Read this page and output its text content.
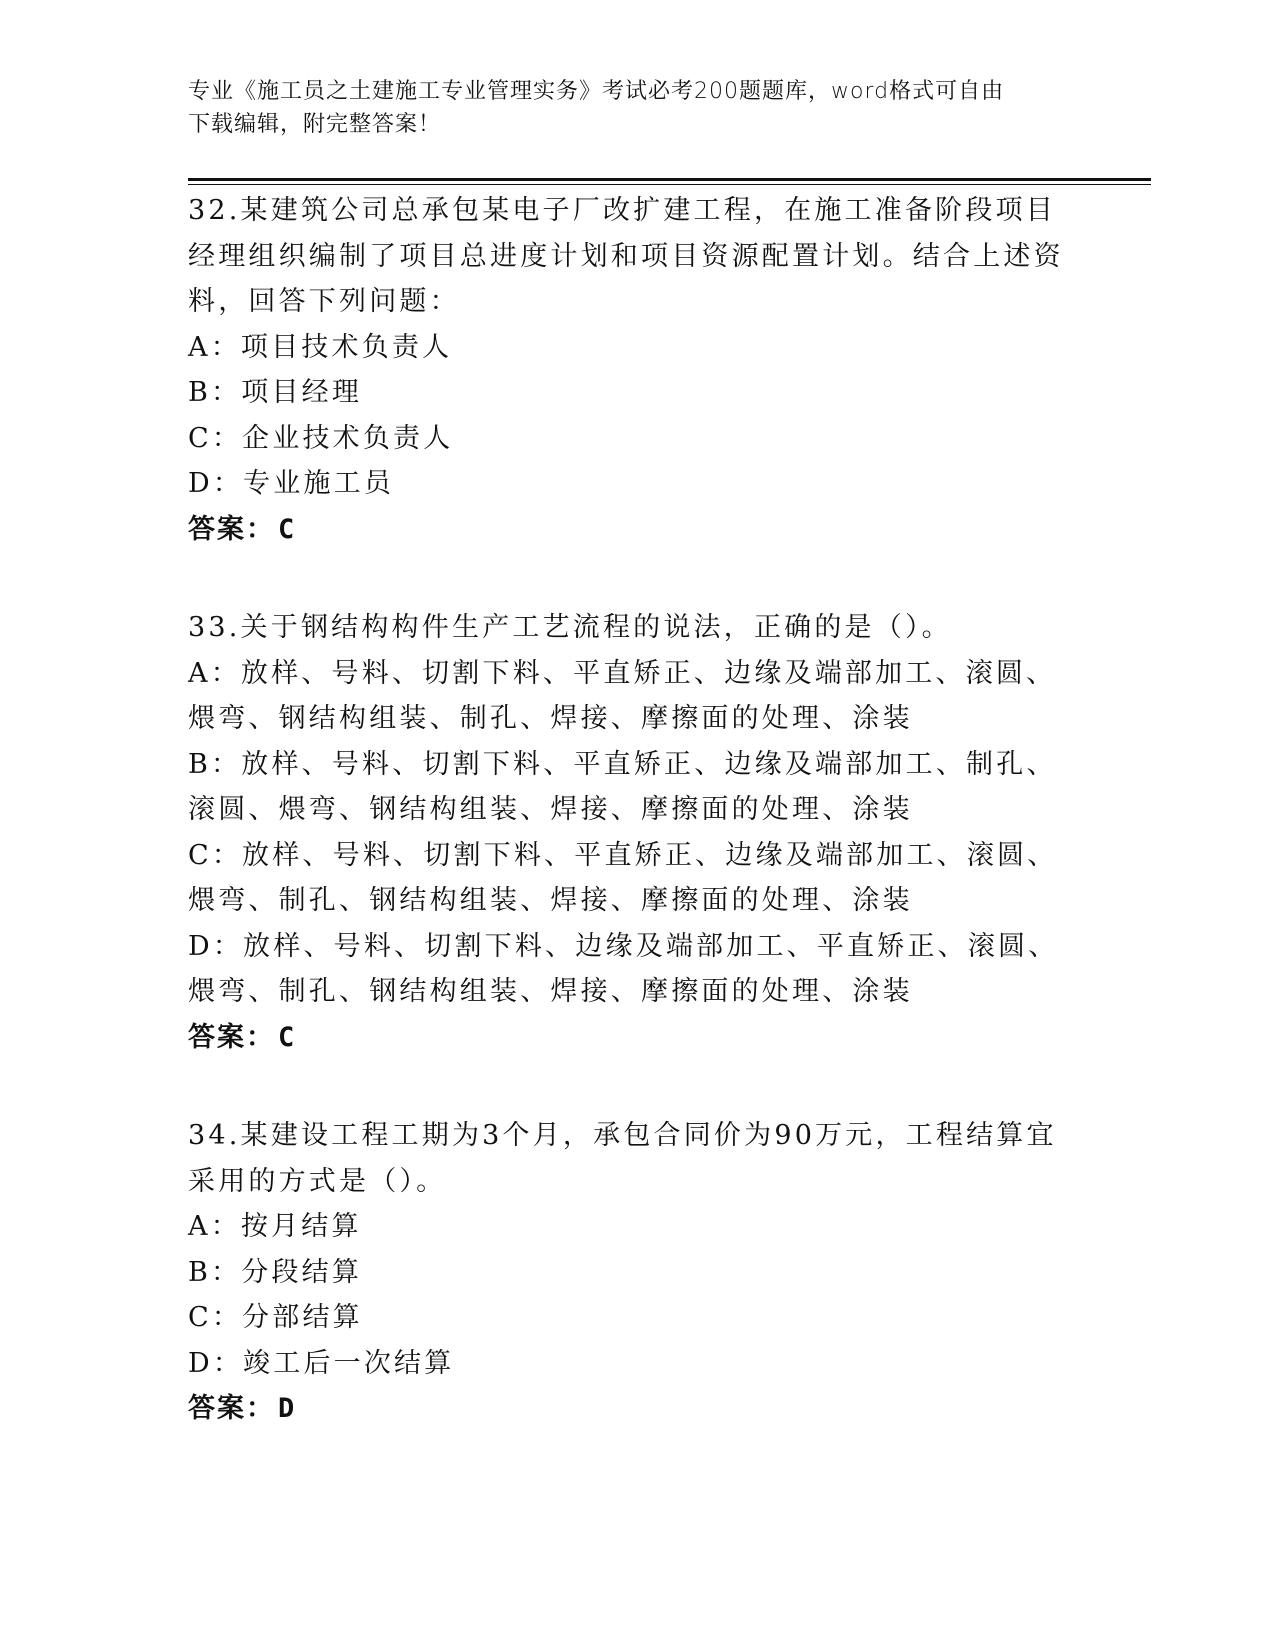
专业《施工员之土建施工专业管理实务》考试必考200题题库，word格式可自由
下载编辑，附完整答案！

32.某建筑公司总承包某电子厂改扩建工程，在施工准备阶段项目经理组织编制了项目总进度计划和项目资源配置计划。结合上述资料，回答下列问题：

A：项目技术负责人

B：项目经理

C：企业技术负责人

D：专业施工员

答案： C

33.关于钢结构构件生产工艺流程的说法，正确的是（）。

A：放样、号料、切割下料、平直矫正、边缘及端部加工、滚圆、煨弯、钢结构组装、制孔、焊接、摩擦面的处理、涂装

B：放样、号料、切割下料、平直矫正、边缘及端部加工、制孔、滚圆、煨弯、钢结构组装、焊接、摩擦面的处理、涂装

C：放样、号料、切割下料、平直矫正、边缘及端部加工、滚圆、煨弯、制孔、钢结构组装、焊接、摩擦面的处理、涂装

D：放样、号料、切割下料、边缘及端部加工、平直矫正、滚圆、煨弯、制孔、钢结构组装、焊接、摩擦面的处理、涂装

答案： C

34.某建设工程工期为3个月，承包合同价为90万元，工程结算宜采用的方式是（）。

A：按月结算

B：分段结算

C：分部结算

D：竣工后一次结算

答案： D
